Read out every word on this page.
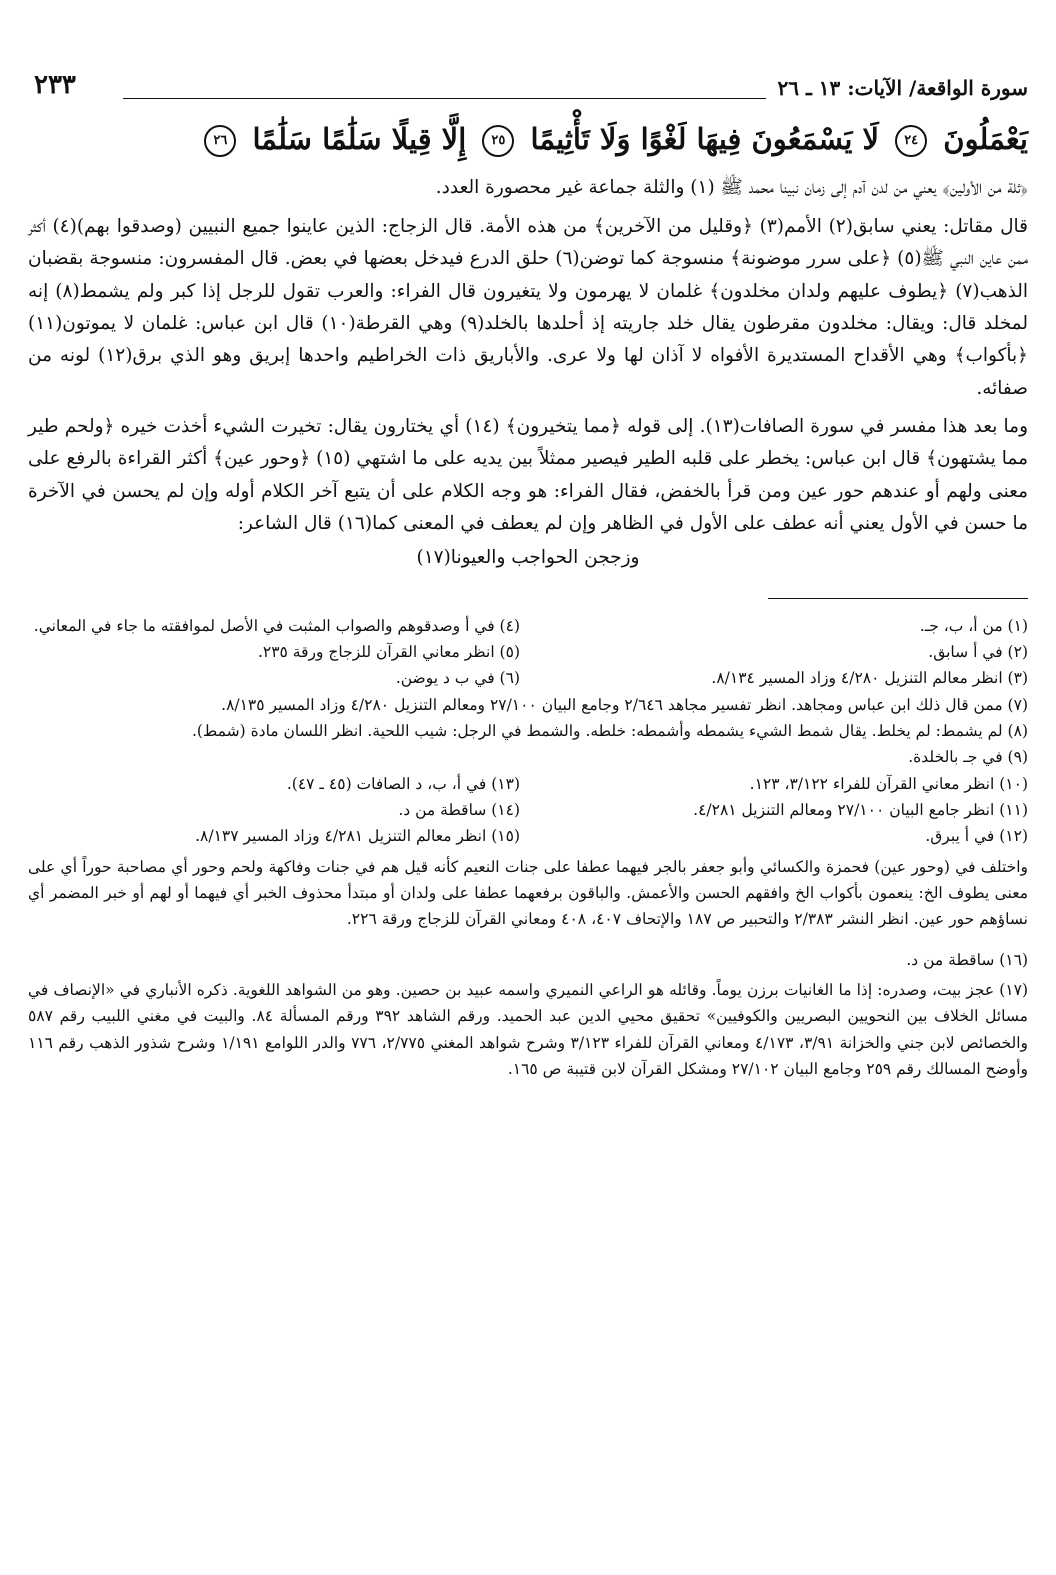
سورة الواقعة/ الآيات: ١٣ ـ ٢٦
٢٣٣
يَعْمَلُونَ ٢٤ لَا يَسْمَعُونَ فِيهَا لَغْوًا وَلَا تَأْثِيمًا ٢٥ إِلَّا قِيلًا سَلَٰمًا سَلَٰمًا ٢٦

﴿ثلة من الأولين﴾ يعني من لدن آدم إلى زمان نبينا محمد ﷺ (١) والثلة جماعة غير محصورة العدد.

قال مقاتل: يعني سابق(٢) الأمم(٣) ﴿وقليل من الآخرين﴾ من هذه الأمة. قال الزجاج: الذين عاينوا جميع النبيين (وصدقوا بهم)(٤) أكثر ممن عاين النبي ﷺ(٥) ﴿على سرر موضونة﴾ منسوجة كما توضن(٦) حلق الدرع فيدخل بعضها في بعض. قال المفسرون: منسوجة بقضبان الذهب(٧) ﴿يطوف عليهم ولدان مخلدون﴾ غلمان لا يهرمون ولا يتغيرون قال الفراء: والعرب تقول للرجل إذا كبر ولم يشمط(٨) إنه لمخلد قال: ويقال: مخلدون مقرطون يقال خلد جاريته إذ أحلدها بالخلد(٩) وهي القرطة(١٠) قال ابن عباس: غلمان لا يموتون(١١) ﴿بأكواب﴾ وهي الأقداح المستديرة الأفواه لا آذان لها ولا عرى. والأباريق ذات الخراطيم واحدها إبريق وهو الذي برق(١٢) لونه من صفائه.

وما بعد هذا مفسر في سورة الصافات(١٣). إلى قوله ﴿مما يتخيرون﴾ (١٤) أي يختارون يقال: تخيرت الشيء أخذت خيره ﴿ولحم طير مما يشتهون﴾ قال ابن عباس: يخطر على قلبه الطير فيصير ممثلاً بين يديه على ما اشتهي (١٥) ﴿وحور عين﴾ أكثر القراءة بالرفع على معنى ولهم أو عندهم حور عين ومن قرأ بالخفض، فقال الفراء: هو وجه الكلام على أن يتبع آخر الكلام أوله وإن لم يحسن في الآخرة ما حسن في الأول يعني أنه عطف على الأول في الظاهر وإن لم يعطف في المعنى كما(١٦) قال الشاعر:

وزججن الحواجب والعيونا(١٧)
(١) من أ، ب، جـ.
(٤) في أ وصدقوهم والصواب المثبت في الأصل لموافقته ما جاء في المعاني.
(٢) في أ سابق.
(٥) انظر معاني القرآن للزجاج ورقة ٢٣٥.
(٣) انظر معالم التنزيل ٤/٢٨٠ وزاد المسير ٨/١٣٤.
(٦) في ب د يوضن.
(٧) ممن قال ذلك ابن عباس ومجاهد. انظر تفسير مجاهد ٢/٦٤٦ وجامع البيان ٢٧/١٠٠ ومعالم التنزيل ٤/٢٨٠ وزاد المسير ٨/١٣٥.
(٨) لم يشمط: لم يخلط. يقال شمط الشيء يشمطه وأشمطه: خلطه. والشمط في الرجل: شيب اللحية. انظر اللسان مادة (شمط).
(٩) في جـ بالخلدة.
(١٠) انظر معاني القرآن للفراء ٣/١٢٢، ١٢٣.
(١٣) في أ، ب، د الصافات (٤٥ ـ ٤٧).
(١١) انظر جامع البيان ٢٧/١٠٠ ومعالم التنزيل ٤/٢٨١.
(١٤) ساقطة من د.
(١٢) في أ يبرق.
(١٥) انظر معالم التنزيل ٤/٢٨١ وزاد المسير ٨/١٣٧.
واختلف في (وحور عين) فحمزة والكسائي وأبو جعفر بالجر فيهما عطفا على جنات النعيم كأنه قيل هم في جنات وفاكهة ولحم وحور أي مصاحبة حوراً أي على معنى يطوف الخ: ينعمون بأكواب الخ وافقهم الحسن والأعمش. والباقون برفعهما عطفا على ولدان أو مبتدأ محذوف الخبر أي فيهما أو لهم أو خبر المضمر أي نساؤهم حور عين. انظر النشر ٢/٣٨٣ والتحبير ص ١٨٧ والإتحاف ٤٠٧، ٤٠٨ ومعاني القرآن للزجاج ورقة ٢٢٦.
(١٦) ساقطة من د.
(١٧) عجز بيت، وصدره: إذا ما الغانيات برزن يوماً. وقائله هو الراعي النميري واسمه عبيد بن حصين. وهو من الشواهد اللغوية. ذكره الأنباري في «الإنصاف في مسائل الخلاف بين النحويين البصريين والكوفيين» تحقيق محيي الدين عبد الحميد. ورقم الشاهد ٣٩٢ ورقم المسألة ٨٤. والبيت في مغني اللبيب رقم ٥٨٧ والخصائص لابن جني والخزانة ٣/٩١، ٤/١٧٣ ومعاني القرآن للفراء ٣/١٢٣ وشرح شواهد المغني ٢/٧٧٥، ٧٧٦ والدر اللوامع ١/١٩١ وشرح شذور الذهب رقم ١١٦ وأوضح المسالك رقم ٢٥٩ وجامع البيان ٢٧/١٠٢ ومشكل القرآن لابن قتيبة ص ١٦٥.
